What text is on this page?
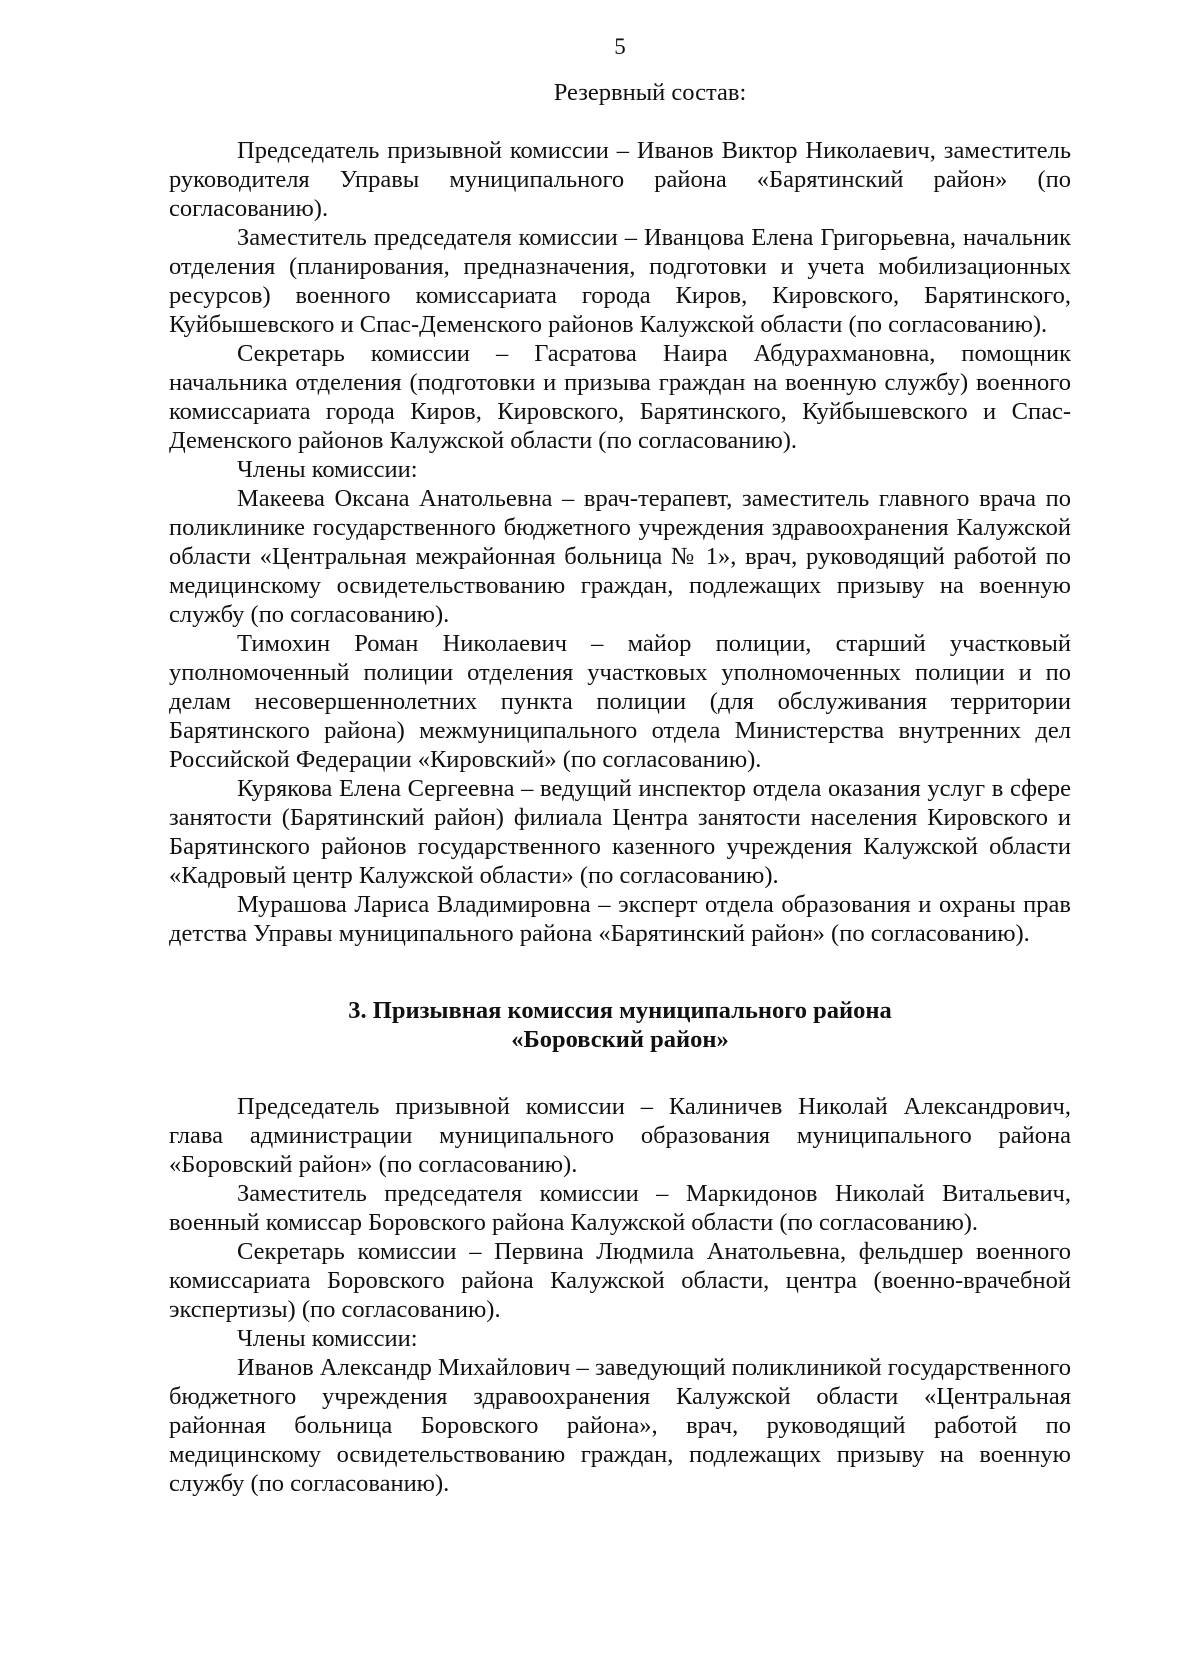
5
Резервный состав:

Председатель призывной комиссии – Иванов Виктор Николаевич, заместитель руководителя Управы муниципального района «Барятинский район» (по согласованию).

Заместитель председателя комиссии – Иванцова Елена Григорьевна, начальник отделения (планирования, предназначения, подготовки и учета мобилизационных ресурсов) военного комиссариата города Киров, Кировского, Барятинского, Куйбышевского и Спас-Деменского районов Калужской области (по согласованию).

Секретарь комиссии – Гасратова Наира Абдурахмановна, помощник начальника отделения (подготовки и призыва граждан на военную службу) военного комиссариата города Киров, Кировского, Барятинского, Куйбышевского и Спас-Деменского районов Калужской области (по согласованию).

Члены комиссии:

Макеева Оксана Анатольевна – врач-терапевт, заместитель главного врача по поликлинике государственного бюджетного учреждения здравоохранения Калужской области «Центральная межрайонная больница № 1», врач, руководящий работой по медицинскому освидетельствованию граждан, подлежащих призыву на военную службу (по согласованию).

Тимохин Роман Николаевич – майор полиции, старший участковый уполномоченный полиции отделения участковых уполномоченных полиции и по делам несовершеннолетних пункта полиции (для обслуживания территории Барятинского района) межмуниципального отдела Министерства внутренних дел Российской Федерации «Кировский» (по согласованию).

Курякова Елена Сергеевна – ведущий инспектор отдела оказания услуг в сфере занятости (Барятинский район) филиала Центра занятости населения Кировского и Барятинского районов государственного казенного учреждения Калужской области «Кадровый центр Калужской области» (по согласованию).

Мурашова Лариса Владимировна – эксперт отдела образования и охраны прав детства Управы муниципального района «Барятинский район» (по согласованию).

3. Призывная комиссия муниципального района
«Боровский район»

Председатель призывной комиссии – Калиничев Николай Александрович, глава администрации муниципального образования муниципального района «Боровский район» (по согласованию).

Заместитель председателя комиссии – Маркидонов Николай Витальевич, военный комиссар Боровского района Калужской области (по согласованию).

Секретарь комиссии – Первина Людмила Анатольевна, фельдшер военного комиссариата Боровского района Калужской области, центра (военно-врачебной экспертизы) (по согласованию).

Члены комиссии:

Иванов Александр Михайлович – заведующий поликлиникой государственного бюджетного учреждения здравоохранения Калужской области «Центральная районная больница Боровского района», врач, руководящий работой по медицинскому освидетельствованию граждан, подлежащих призыву на военную службу (по согласованию).
